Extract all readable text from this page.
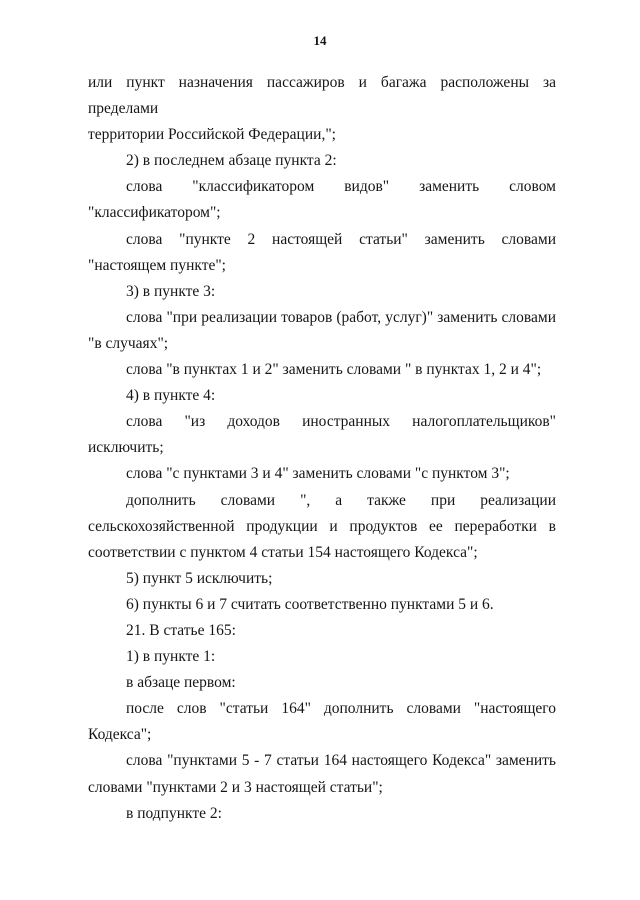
14
или пункт назначения пассажиров и багажа расположены за пределами
территории Российской Федерации,";
2) в последнем абзаце пункта 2:
слова "классификатором видов" заменить словом
"классификатором";
слова "пункте 2 настоящей статьи" заменить словами
"настоящем пункте";
3) в пункте 3:
слова "при реализации товаров (работ, услуг)" заменить словами
"в случаях";
слова "в пунктах 1 и 2" заменить словами " в пунктах 1, 2 и 4";
4) в пункте 4:
слова "из доходов иностранных налогоплательщиков"
исключить;
слова "с пунктами 3 и 4" заменить словами "с пунктом 3";
дополнить словами ", а также при реализации
сельскохозяйственной продукции и продуктов ее переработки в
соответствии с пунктом 4 статьи 154 настоящего Кодекса";
5) пункт 5 исключить;
6) пункты 6 и 7 считать соответственно пунктами 5 и 6.
21. В статье 165:
1) в пункте 1:
в абзаце первом:
после слов "статьи 164" дополнить словами "настоящего
Кодекса";
слова "пунктами 5 - 7 статьи 164 настоящего Кодекса" заменить
словами "пунктами 2 и 3 настоящей статьи";
в подпункте 2:
